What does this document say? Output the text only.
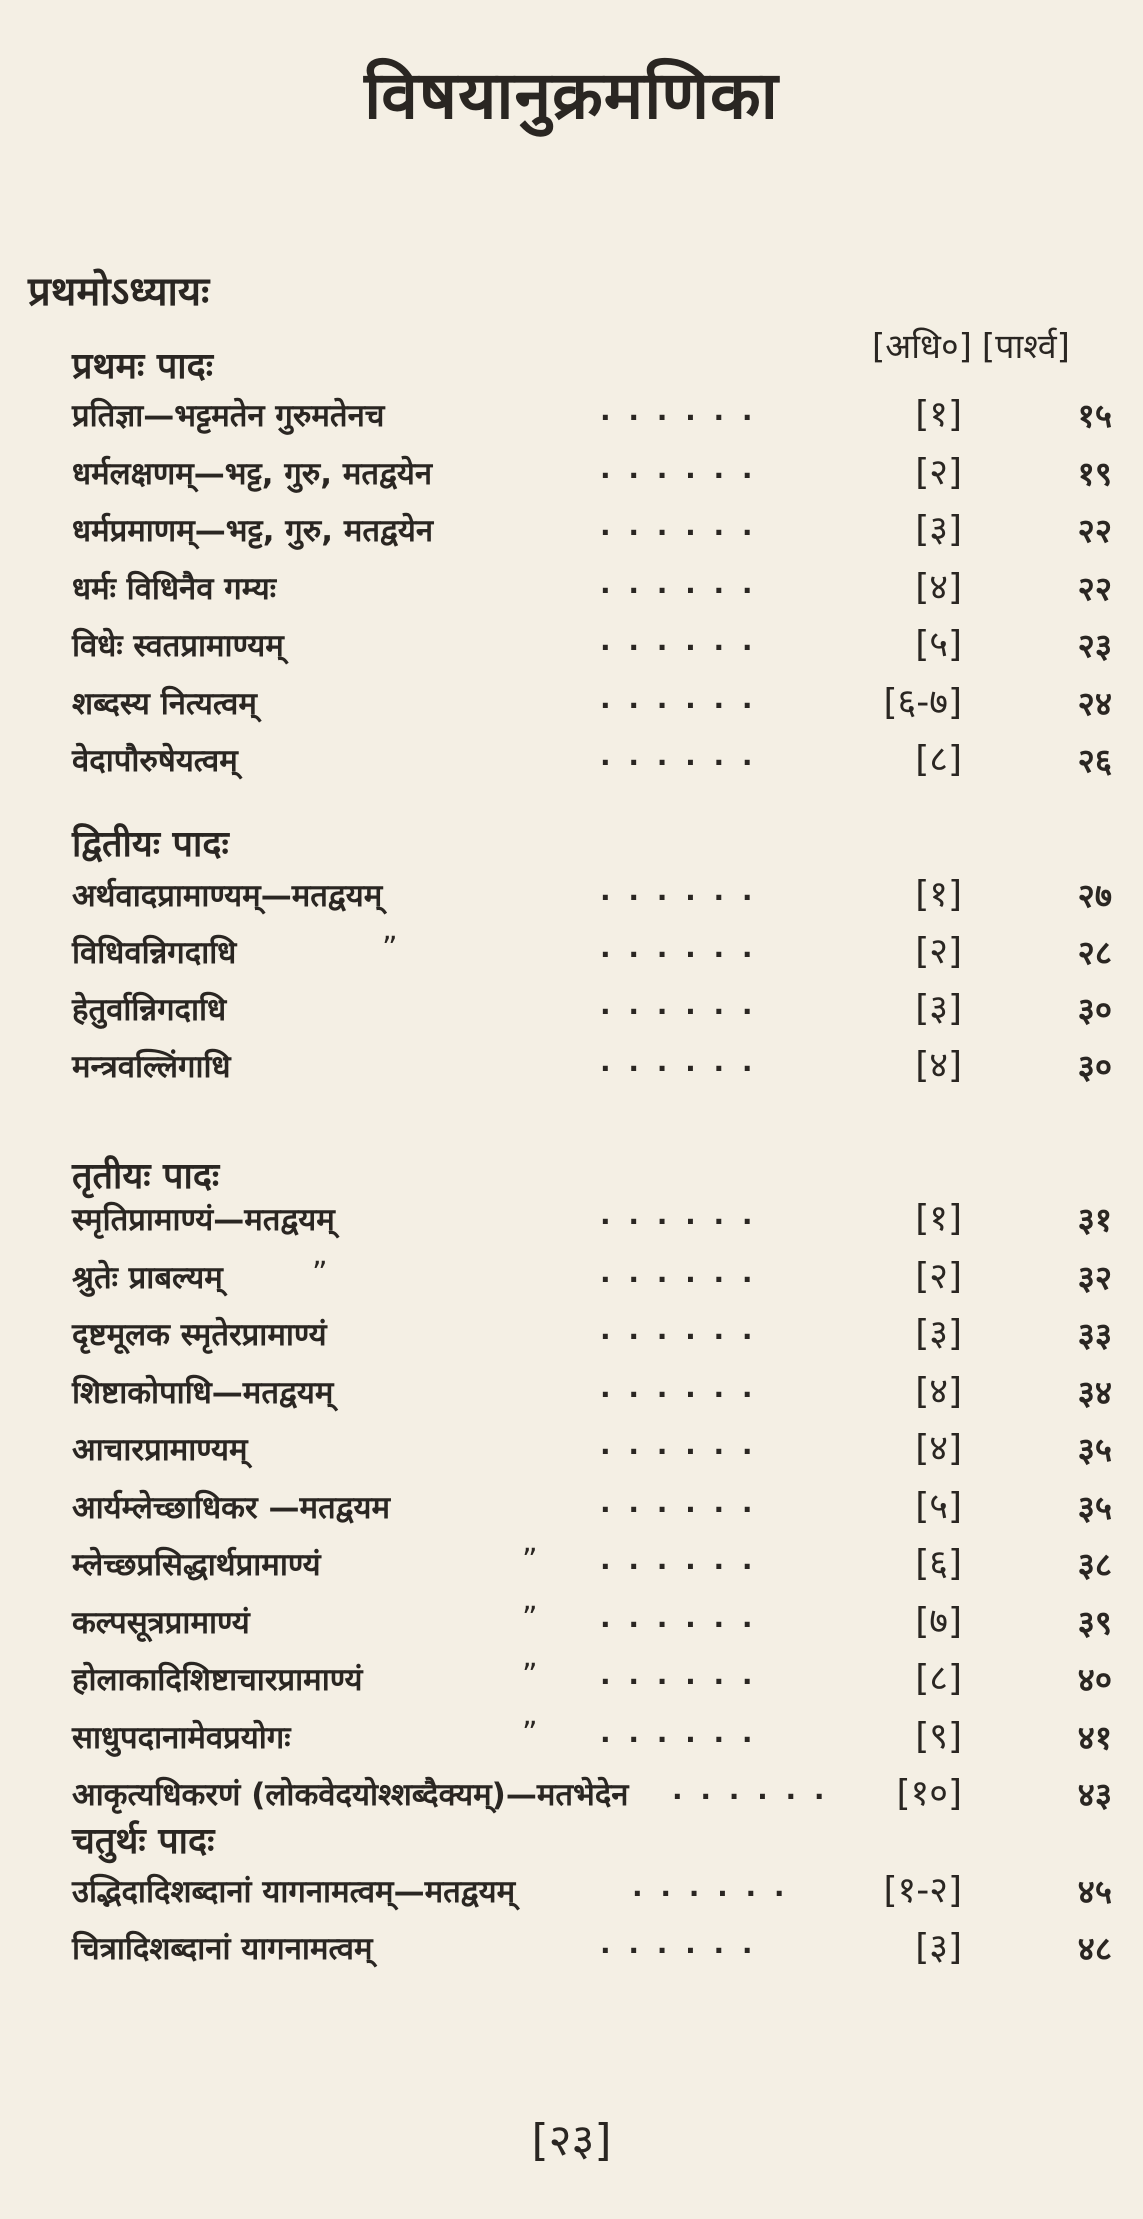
विषयानुक्रमणिका
प्रथमोऽध्यायः
[अधि०] [पार्श्व]
प्रथमः पादः
प्रतिज्ञा—भट्टमतेन गुरुमतेनच	. . . . . .	[१]	१५
धर्मलक्षणम्—भट्ट, गुरु, मतद्वयेन	. . . . . .	[२]	१९
धर्मप्रमाणम्—भट्ट, गुरु, मतद्वयेन	. . . . . .	[३]	२२
धर्मः विधिनैव गम्यः	. . . . . .	[४]	२२
विधेः स्वतप्रामाण्यम्	. . . . . .	[५]	२३
शब्दस्य नित्यत्वम्	. . . . . .	[६-७]	२४
वेदापौरुषेयत्वम्	. . . . . .	[८]	२६
द्वितीयः पादः
अर्थवादप्रामाण्यम्—मतद्वयम्	. . . . . .	[१]	२७
विधिवन्निगदाधि	”	. . . . . .	[२]	२८
हेतुर्वान्निगदाधि	. . . . . .	[३]	३०
मन्त्रवल्लिंगाधि	. . . . . .	[४]	३०
तृतीयः पादः
स्मृतिप्रामाण्यं—मतद्वयम्	. . . . . .	[१]	३१
श्रुतेः प्राबल्यम्	”	. . . . . .	[२]	३२
दृष्टमूलक स्मृतेरप्रामाण्यं	. . . . . .	[३]	३३
शिष्टाकोपाधि—मतद्वयम्	. . . . . .	[४]	३४
आचारप्रामाण्यम्	. . . . . .	[४]	३५
आर्यम्लेच्छाधिकर —मतद्वयम	. . . . . .	[५]	३५
म्लेच्छप्रसिद्धार्थप्रामाण्यं	” . . . . . .	[६]	३८
कल्पसूत्रप्रामाण्यं	” . . . . . .	[७]	३९
होलाकादिशिष्टाचारप्रामाण्यं	” . . . . . .	[८]	४०
साधुपदानामेवप्रयोगः	” . . . . . .	[९]	४१
आकृत्यधिकरणं (लोकवेदयोश्शब्दैक्यम्)—मतभेदेन . . . . . . [१०]	४३
चतुर्थः पादः
उद्भिदादिशब्दानां यागनामत्वम्—मतद्वयम्	. . . . . .	[१-२]	४५
चित्रादिशब्दानां यागनामत्वम्	. . . . . .	[३]	४८
[२३]
